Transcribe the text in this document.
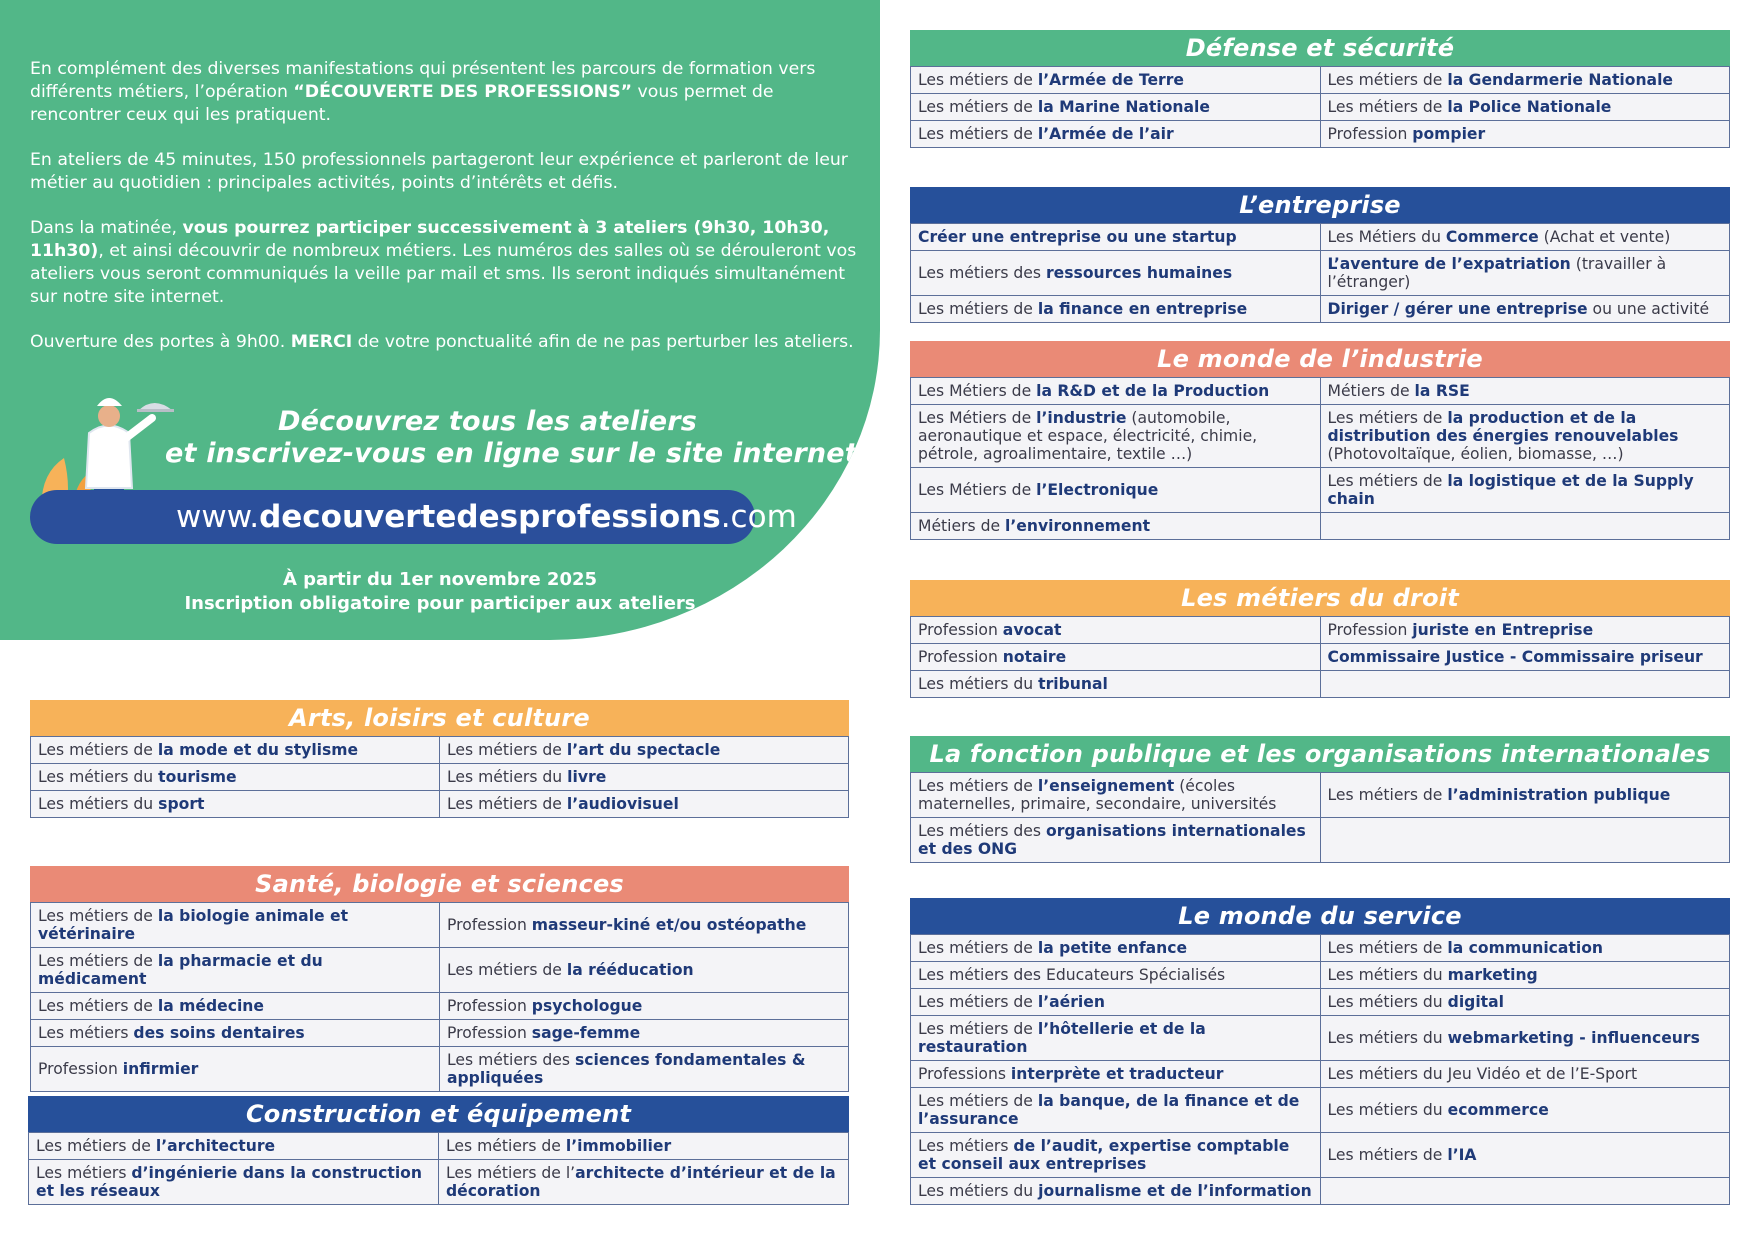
En complément des diverses manifestations qui présentent les parcours de formation vers différents métiers, l’opération “DÉCOUVERTE DES PROFESSIONS” vous permet de rencontrer ceux qui les pratiquent.

En ateliers de 45 minutes, 150 professionnels partageront leur expérience et parleront de leur métier au quotidien : principales activités, points d’intérêts et défis.

Dans la matinée, vous pourrez participer successivement à 3 ateliers (9h30, 10h30, 11h30), et ainsi découvrir de nombreux métiers. Les numéros des salles où se dérouleront vos ateliers vous seront communiqués la veille par mail et sms. Ils seront indiqués simultanément sur notre site internet.

Ouverture des portes à 9h00. MERCI de votre ponctualité afin de ne pas perturber les ateliers.

Découvrez tous les ateliers
et inscrivez-vous en ligne sur le site internet
www.decouvertedesprofessions.com
À partir du 1er novembre 2025
Inscription obligatoire pour participer aux ateliers
Arts, loisirs et culture
Les métiers de la mode et du stylisme	Les métiers de l’art du spectacle
Les métiers du tourisme	Les métiers du livre
Les métiers du sport	Les métiers de l’audiovisuel
Santé, biologie et sciences
Les métiers de la biologie animale et vétérinaire	Profession masseur-kiné et/ou ostéopathe
Les métiers de la pharmacie et du médicament	Les métiers de la rééducation
Les métiers de la médecine	Profession psychologue
Les métiers des soins dentaires	Profession sage-femme
Profession infirmier	Les métiers des sciences fondamentales & appliquées
Construction et équipement
Les métiers de l’architecture	Les métiers de l’immobilier
Les métiers d’ingénierie dans la construction et les réseaux	Les métiers de l’architecte d’intérieur et de la décoration
Défense et sécurité
Les métiers de l’Armée de Terre	Les métiers de la Gendarmerie Nationale
Les métiers de la Marine Nationale	Les métiers de la Police Nationale
Les métiers de l’Armée de l’air	Profession pompier
L’entreprise
Créer une entreprise ou une startup	Les Métiers du Commerce (Achat et vente)
Les métiers des ressources humaines	L’aventure de l’expatriation (travailler à l’étranger)
Les métiers de la finance en entreprise	Diriger / gérer une entreprise ou une activité
Le monde de l’industrie
Les Métiers de la R&D et de la Production	Métiers de la RSE
Les Métiers de l’industrie (automobile, aeronautique et espace, électricité, chimie, pétrole, agroalimentaire, textile …)	Les métiers de la production et de la distribution des énergies renouvelables (Photovoltaïque, éolien, biomasse, …)
Les Métiers de l’Electronique	Les métiers de la logistique et de la Supply chain
Métiers de l’environnement	
Les métiers du droit
Profession avocat	Profession juriste en Entreprise
Profession notaire	Commissaire Justice - Commissaire priseur
Les métiers du tribunal	
La fonction publique et les organisations internationales
Les métiers de l’enseignement (écoles maternelles, primaire, secondaire, universités	Les métiers de l’administration publique
Les métiers des organisations internationales et des ONG	
Le monde du service
Les métiers de la petite enfance	Les métiers de la communication
Les métiers des Educateurs Spécialisés	Les métiers du marketing
Les métiers de l’aérien	Les métiers du digital
Les métiers de l’hôtellerie et de la restauration	Les métiers du webmarketing - influenceurs
Professions interprète et traducteur	Les métiers du Jeu Vidéo et de l’E-Sport
Les métiers de la banque, de la finance et de l’assurance	Les métiers du ecommerce
Les métiers de l’audit, expertise comptable et conseil aux entreprises	Les métiers de l’IA
Les métiers du journalisme et de l’information	
